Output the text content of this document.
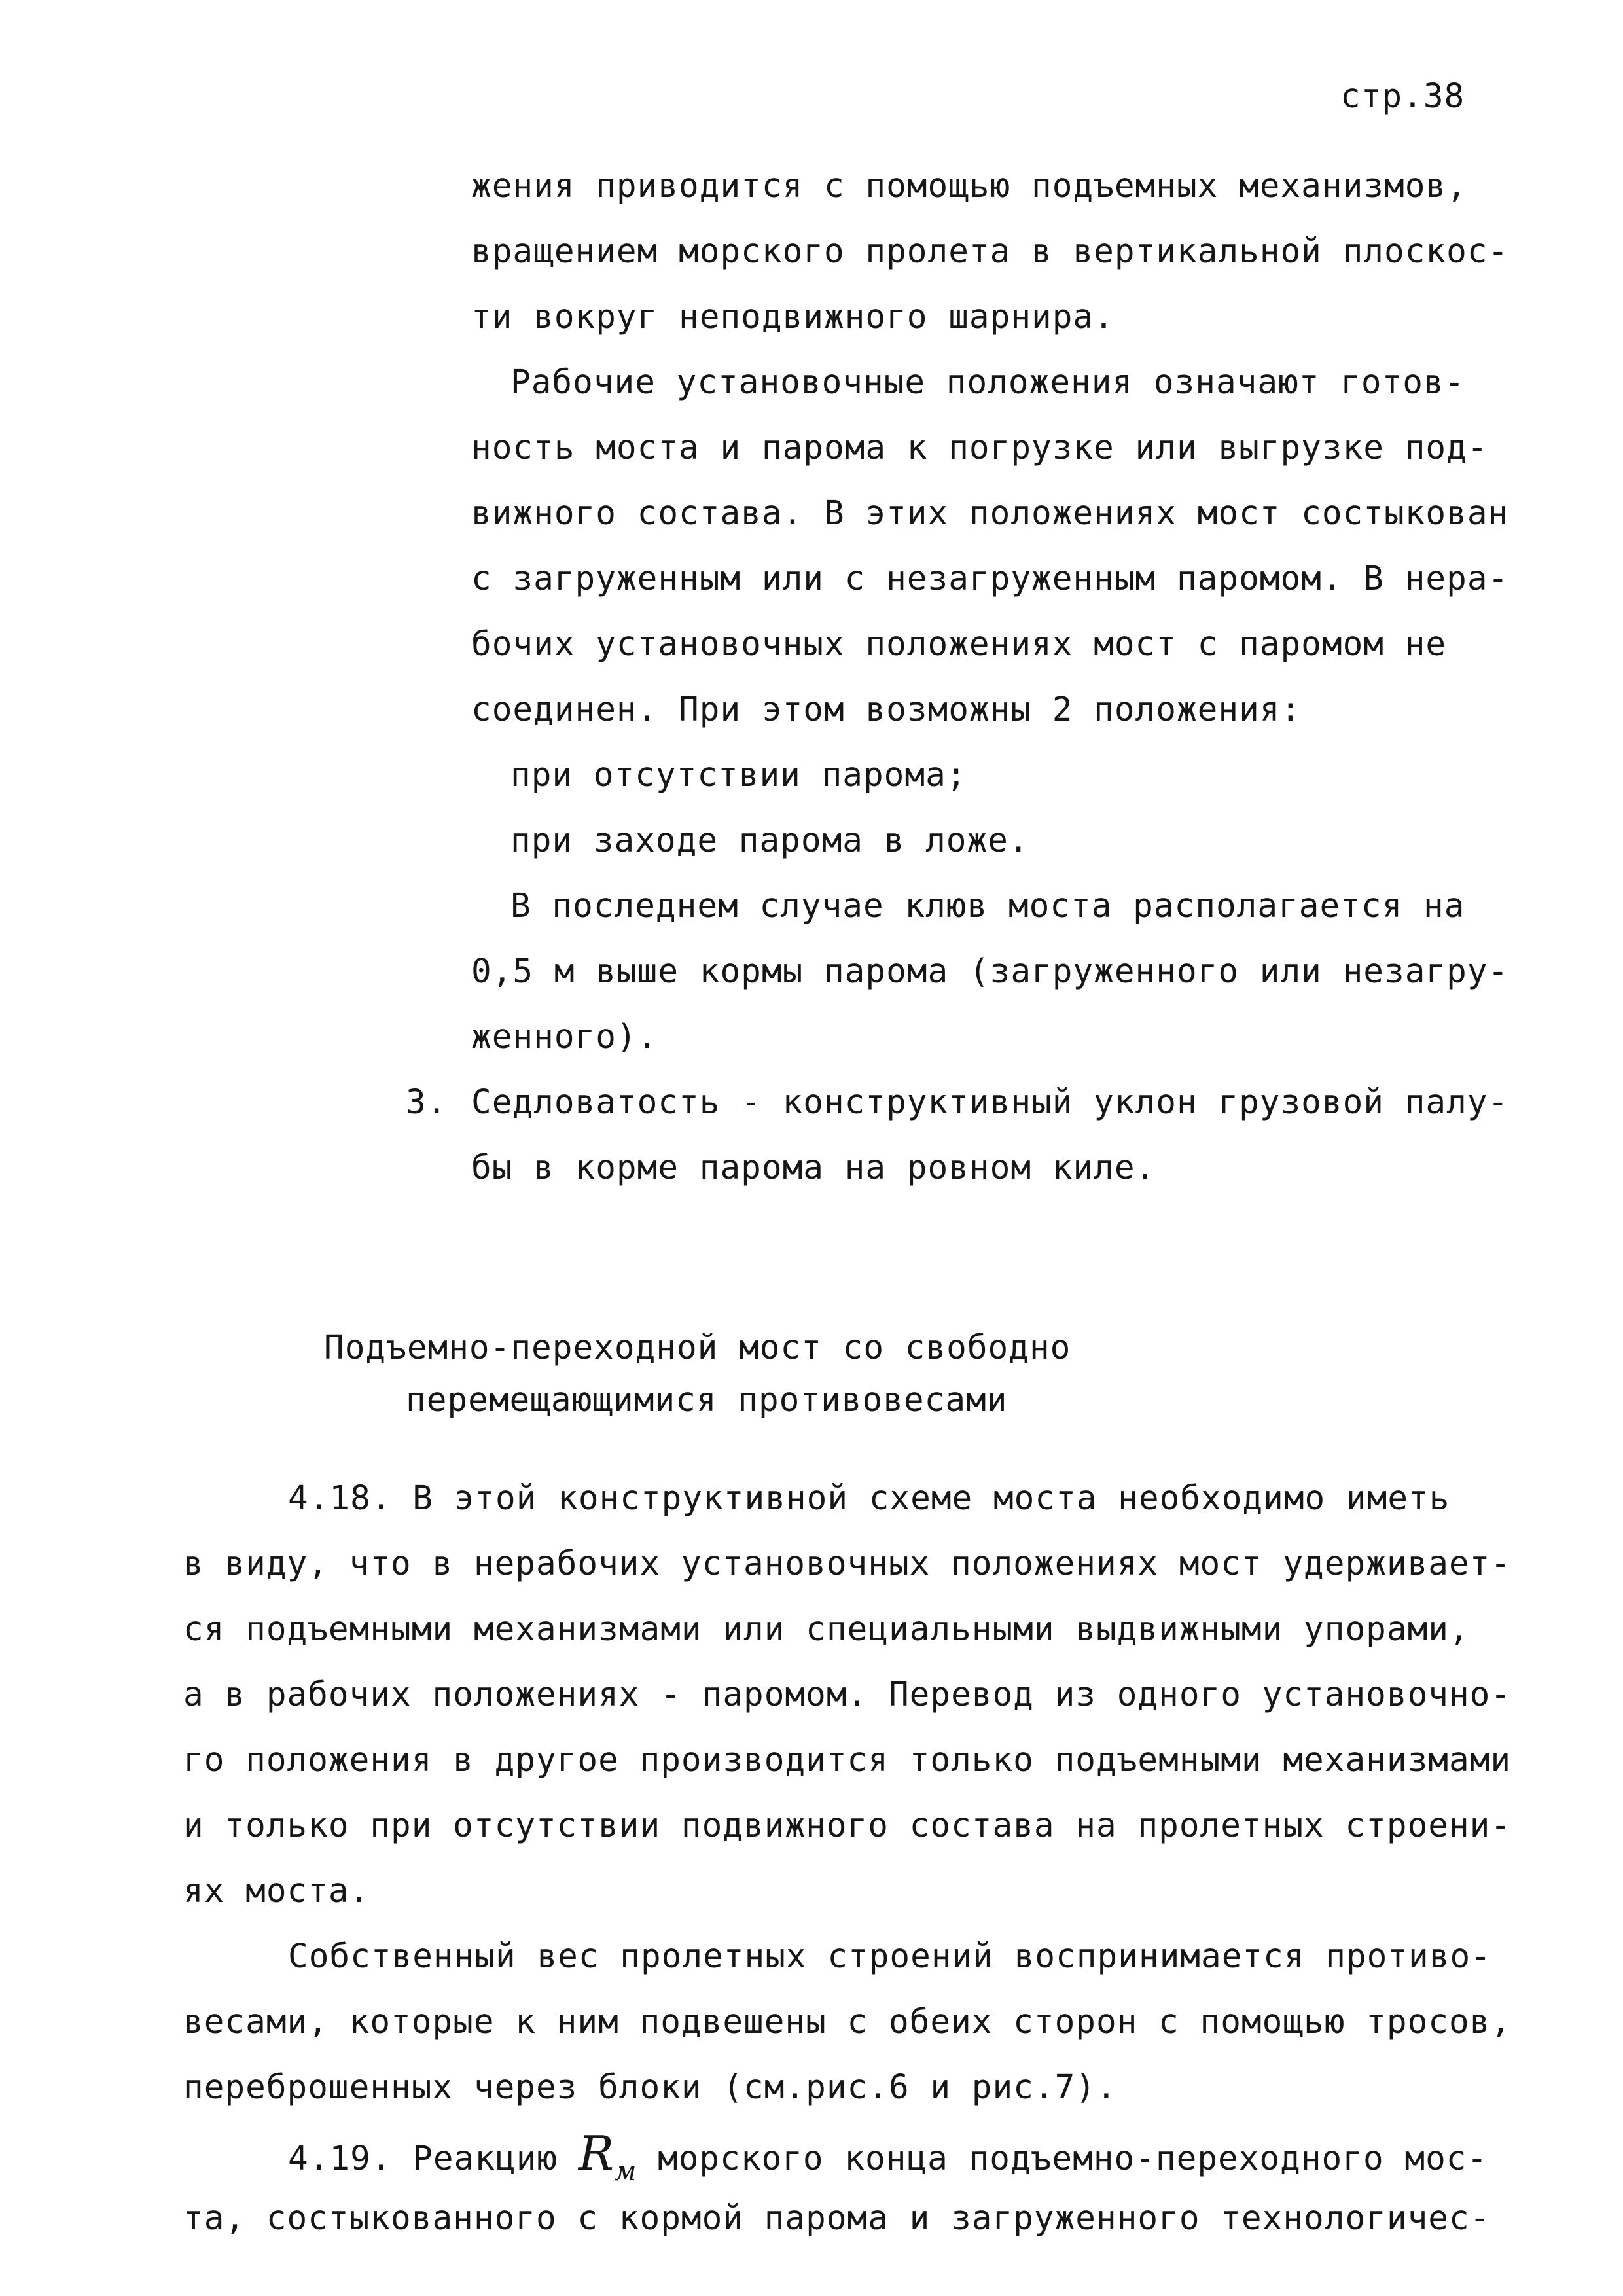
стр.38
жения приводится с помощью подъемных механизмов,
вращением морского пролета в вертикальной плоскос-
ти вокруг неподвижного шарнира.
Рабочие установочные положения означают готов-
ность моста и парома к погрузке или выгрузке под-
вижного состава. В этих положениях мост состыкован
с загруженным или с незагруженным паромом. В нера-
бочих установочных положениях мост с паромом не
соединен. При этом возможны 2 положения:
при отсутствии парома;
при заходе парома в ложе.
В последнем случае клюв моста располагается на
0,5 м выше кормы парома (загруженного или незагру-
женного).
3. Седловатость - конструктивный уклон грузовой палу-
бы в корме парома на ровном киле.
Подъемно-переходной мост со свободно
перемещающимися противовесами
4.18. В этой конструктивной схеме моста необходимо иметь
в виду, что в нерабочих установочных положениях мост удерживает-
ся подъемными механизмами или специальными выдвижными упорами,
а в рабочих положениях - паромом. Перевод из одного установочно-
го положения в другое производится только подъемными механизмами
и только при отсутствии подвижного состава на пролетных строени-
ях моста.
Собственный вес пролетных строений воспринимается противо-
весами, которые к ним подвешены с обеих сторон с помощью тросов,
переброшенных через блоки (см.рис.6 и рис.7).
4.19. Реакцию $R_м$ морского конца подъемно-переходного мос-
та, состыкованного с кормой парома и загруженного технологичес-
